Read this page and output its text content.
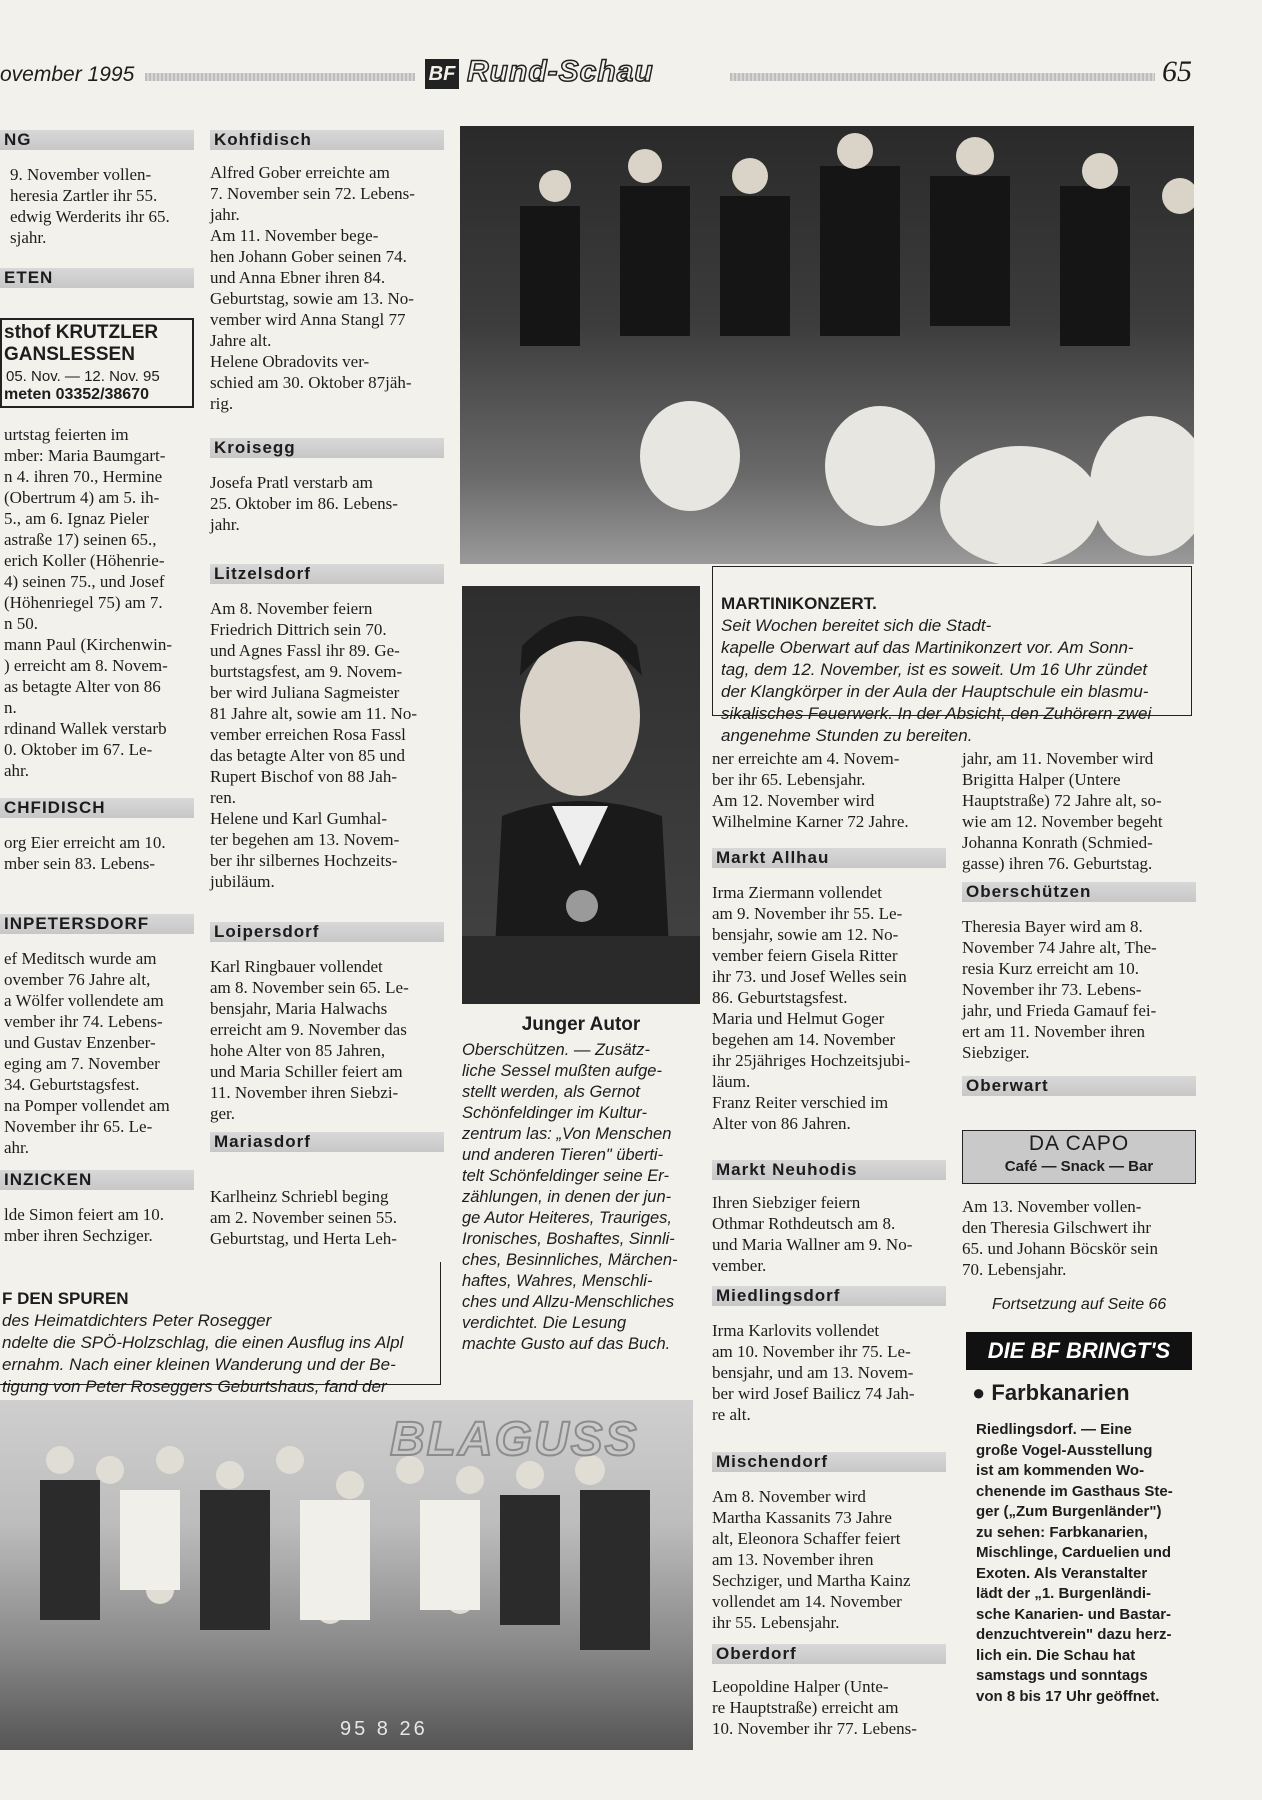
ovember 1995	BF Rund-Schau	65
NG

9. November vollen-
heresia Zartler ihr 55.
edwig Werderits ihr 65.
sjahr.

ETEN
sthof KRUTZLER
GANSLESSEN
05. Nov. — 12. Nov. 95
meten 03352/38670

urtstag feierten im
mber: Maria Baumgart-
n 4. ihren 70., Hermine
(Obertrum 4) am 5. ih-
5., am 6. Ignaz Pieler
astraße 17) seinen 65.,
erich Koller (Höhenrie-
4) seinen 75., und Josef
(Höhenriegel 75) am 7.
n 50.
mann Paul (Kirchenwin-
) erreicht am 8. Novem-
as betagte Alter von 86
n.
rdinand Wallek verstarb
0. Oktober im 67. Le-
ahr.

CHFIDISCH

org Eier erreicht am 10.
mber sein 83. Lebens-

INPETERSDORF

ef Meditsch wurde am
ovember 76 Jahre alt,
a Wölfer vollendete am
vember ihr 74. Lebens-
und Gustav Enzenber-
eging am 7. November
34. Geburtstagsfest.
na Pomper vollendet am
November ihr 65. Le-
ahr.

INZICKEN

lde Simon feiert am 10.
mber ihren Sechziger.

Kohfidisch

Alfred Gober erreichte am
7. November sein 72. Lebens-
jahr.
Am 11. November bege-
hen Johann Gober seinen 74.
und Anna Ebner ihren 84.
Geburtstag, sowie am 13. No-
vember wird Anna Stangl 77
Jahre alt.
Helene Obradovits ver-
schied am 30. Oktober 87jäh-
rig.

Kroisegg

Josefa Pratl verstarb am
25. Oktober im 86. Lebens-
jahr.

Litzelsdorf

Am 8. November feiern
Friedrich Dittrich sein 70.
und Agnes Fassl ihr 89. Ge-
burtstagsfest, am 9. Novem-
ber wird Juliana Sagmeister
81 Jahre alt, sowie am 11. No-
vember erreichen Rosa Fassl
das betagte Alter von 85 und
Rupert Bischof von 88 Jah-
ren.
Helene und Karl Gumhal-
ter begehen am 13. Novem-
ber ihr silbernes Hochzeits-
jubiläum.

Loipersdorf

Karl Ringbauer vollendet
am 8. November sein 65. Le-
bensjahr, Maria Halwachs
erreicht am 9. November das
hohe Alter von 85 Jahren,
und Maria Schiller feiert am
11. November ihren Siebzi-
ger.

Mariasdorf

Karlheinz Schriebl beging
am 2. November seinen 55.
Geburtstag, und Herta Leh-

MARTINIKONZERT.
Seit Wochen bereitet sich die Stadt-
kapelle Oberwart auf das Martinikonzert vor. Am Sonn-
tag, dem 12. November, ist es soweit. Um 16 Uhr zündet
der Klangkörper in der Aula der Hauptschule ein blasmu-
sikalisches Feuerwerk. In der Absicht, den Zuhörern zwei
angenehme Stunden zu bereiten.

Junger Autor

Oberschützen. — Zusätz-
liche Sessel mußten aufge-
stellt werden, als Gernot
Schönfeldinger im Kultur-
zentrum las: „Von Menschen
und anderen Tieren" überti-
telt Schönfeldinger seine Er-
zählungen, in denen der jun-
ge Autor Heiteres, Trauriges,
Ironisches, Boshaftes, Sinnli-
ches, Besinnliches, Märchen-
haftes, Wahres, Menschli-
ches und Allzu-Menschliches
verdichtet. Die Lesung
machte Gusto auf das Buch.

F DEN SPUREN
des Heimatdichters Peter Rosegger
ndelte die SPÖ-Holzschlag, die einen Ausflug ins Alpl
ernahm. Nach einer kleinen Wanderung und der Be-
tigung von Peter Roseggers Geburtshaus, fand der

BLAGUSS
95 8 26

ner erreichte am 4. Novem-
ber ihr 65. Lebensjahr.
Am 12. November wird
Wilhelmine Karner 72 Jahre.

Markt Allhau

Irma Ziermann vollendet
am 9. November ihr 55. Le-
bensjahr, sowie am 12. No-
vember feiern Gisela Ritter
ihr 73. und Josef Welles sein
86. Geburtstagsfest.
Maria und Helmut Goger
begehen am 14. November
ihr 25jähriges Hochzeitsjubi-
läum.
Franz Reiter verschied im
Alter von 86 Jahren.

Markt Neuhodis

Ihren Siebziger feiern
Othmar Rothdeutsch am 8.
und Maria Wallner am 9. No-
vember.

Miedlingsdorf

Irma Karlovits vollendet
am 10. November ihr 75. Le-
bensjahr, und am 13. Novem-
ber wird Josef Bailicz 74 Jah-
re alt.

Mischendorf

Am 8. November wird
Martha Kassanits 73 Jahre
alt, Eleonora Schaffer feiert
am 13. November ihren
Sechziger, und Martha Kainz
vollendet am 14. November
ihr 55. Lebensjahr.

Oberdorf

Leopoldine Halper (Unte-
re Hauptstraße) erreicht am
10. November ihr 77. Lebens-

jahr, am 11. November wird
Brigitta Halper (Untere
Hauptstraße) 72 Jahre alt, so-
wie am 12. November begeht
Johanna Konrath (Schmied-
gasse) ihren 76. Geburtstag.

Oberschützen

Theresia Bayer wird am 8.
November 74 Jahre alt, The-
resia Kurz erreicht am 10.
November ihr 73. Lebens-
jahr, und Frieda Gamauf fei-
ert am 11. November ihren
Siebziger.

Oberwart
DA CAPO
Café — Snack — Bar

Am 13. November vollen-
den Theresia Gilschwert ihr
65. und Johann Böcskör sein
70. Lebensjahr.

Fortsetzung auf Seite 66
DIE BF BRINGT'S
● Farbkanarien

Riedlingsdorf. — Eine
große Vogel-Ausstellung
ist am kommenden Wo-
chenende im Gasthaus Ste-
ger („Zum Burgenländer")
zu sehen: Farbkanarien,
Mischlinge, Carduelien und
Exoten. Als Veranstalter
lädt der „1. Burgenländi-
sche Kanarien- und Bastar-
denzuchtverein" dazu herz-
lich ein. Die Schau hat
samstags und sonntags
von 8 bis 17 Uhr geöffnet.
